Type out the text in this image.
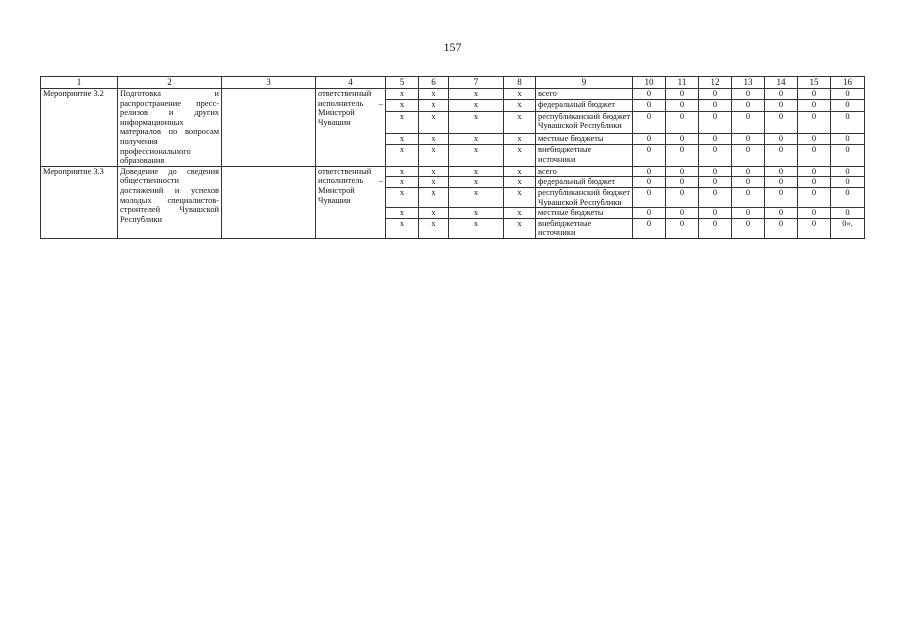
157
1	2	3	4	5	6	7	8	9	10	11	12	13	14	15	16
Мероприятие 3.2	Подготовка и распространение пресс-релизов и других информационных материалов по вопросам получения профессионального образования		ответственный исполнитель – Минстрой Чувашии	x	x	x	x	всего	0	0	0	0	0	0	0
				x	x	x	x	федеральный бюджет	0	0	0	0	0	0	0
				x	x	x	x	республиканский бюджет Чувашской Республики	0	0	0	0	0	0	0
				x	x	x	x	местные бюджеты	0	0	0	0	0	0	0
				x	x	x	x	внебюджетные источники	0	0	0	0	0	0	0
Мероприятие 3.3	Доведение до сведения общественности достижений и успехов молодых специалистов-строителей Чувашской Республики		ответственный исполнитель – Минстрой Чувашии	x	x	x	x	всего	0	0	0	0	0	0	0
				x	x	x	x	федеральный бюджет	0	0	0	0	0	0	0
				x	x	x	x	республиканский бюджет Чувашской Республики	0	0	0	0	0	0	0
				x	x	x	x	местные бюджеты	0	0	0	0	0	0	0
				x	x	x	x	внебюджетные источники	0	0	0	0	0	0	0».
